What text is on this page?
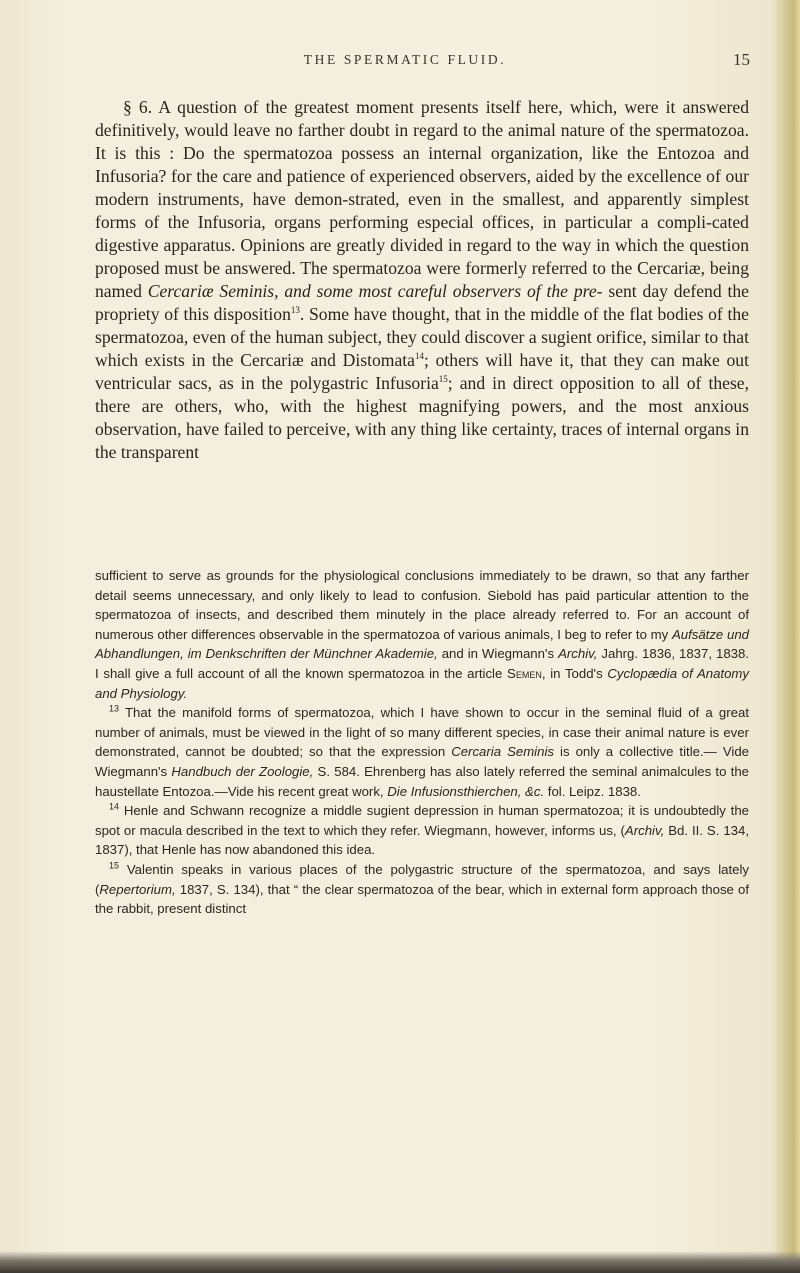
THE SPERMATIC FLUID.	15

§ 6. A question of the greatest moment presents itself here, which, were it answered definitively, would leave no farther doubt in regard to the animal nature of the spermatozoa. It is this : Do the spermatozoa possess an internal organization, like the Entozoa and Infusoria? for the care and patience of experienced observers, aided by the excellence of our modern instruments, have demon-strated, even in the smallest, and apparently simplest forms of the Infusoria, organs performing especial offices, in particular a compli-cated digestive apparatus. Opinions are greatly divided in regard to the way in which the question proposed must be answered. The spermatozoa were formerly referred to the Cercariæ, being named Cercariæ Seminis, and some most careful observers of the pre- sent day defend the propriety of this disposition$^{13}$. Some have thought, that in the middle of the flat bodies of the spermatozoa, even of the human subject, they could discover a sugient orifice, similar to that which exists in the Cercariæ and Distomata$^{14}$; others will have it, that they can make out ventricular sacs, as in the polygastric Infusoria$^{15}$; and in direct opposition to all of these, there are others, who, with the highest magnifying powers, and the most anxious observation, have failed to perceive, with any thing like certainty, traces of internal organs in the transparent

sufficient to serve as grounds for the physiological conclusions immediately to be drawn, so that any farther detail seems unnecessary, and only likely to lead to confusion. Siebold has paid particular attention to the spermatozoa of insects, and described them minutely in the place already referred to. For an account of numerous other differences observable in the spermatozoa of various animals, I beg to refer to my Aufsätze und Abhandlungen, im Denkschriften der Münchner Akademie, and in Wiegmann's Archiv, Jahrg. 1836, 1837, 1838. I shall give a full account of all the known spermatozoa in the article Semen, in Todd's Cyclopædia of Anatomy and Physiology.

$^{13}$ That the manifold forms of spermatozoa, which I have shown to occur in the seminal fluid of a great number of animals, must be viewed in the light of so many different species, in case their animal nature is ever demonstrated, cannot be doubted; so that the expression Cercaria Seminis is only a collective title.— Vide Wiegmann's Handbuch der Zoologie, S. 584. Ehrenberg has also lately referred the seminal animalcules to the haustellate Entozoa.—Vide his recent great work, Die Infusionsthierchen, &c. fol. Leipz. 1838.

$^{14}$ Henle and Schwann recognize a middle sugient depression in human spermatozoa; it is undoubtedly the spot or macula described in the text to which they refer. Wiegmann, however, informs us, (Archiv, Bd. II. S. 134, 1837), that Henle has now abandoned this idea.

$^{15}$ Valentin speaks in various places of the polygastric structure of the spermatozoa, and says lately (Repertorium, 1837, S. 134), that “ the clear spermatozoa of the bear, which in external form approach those of the rabbit, present distinct
